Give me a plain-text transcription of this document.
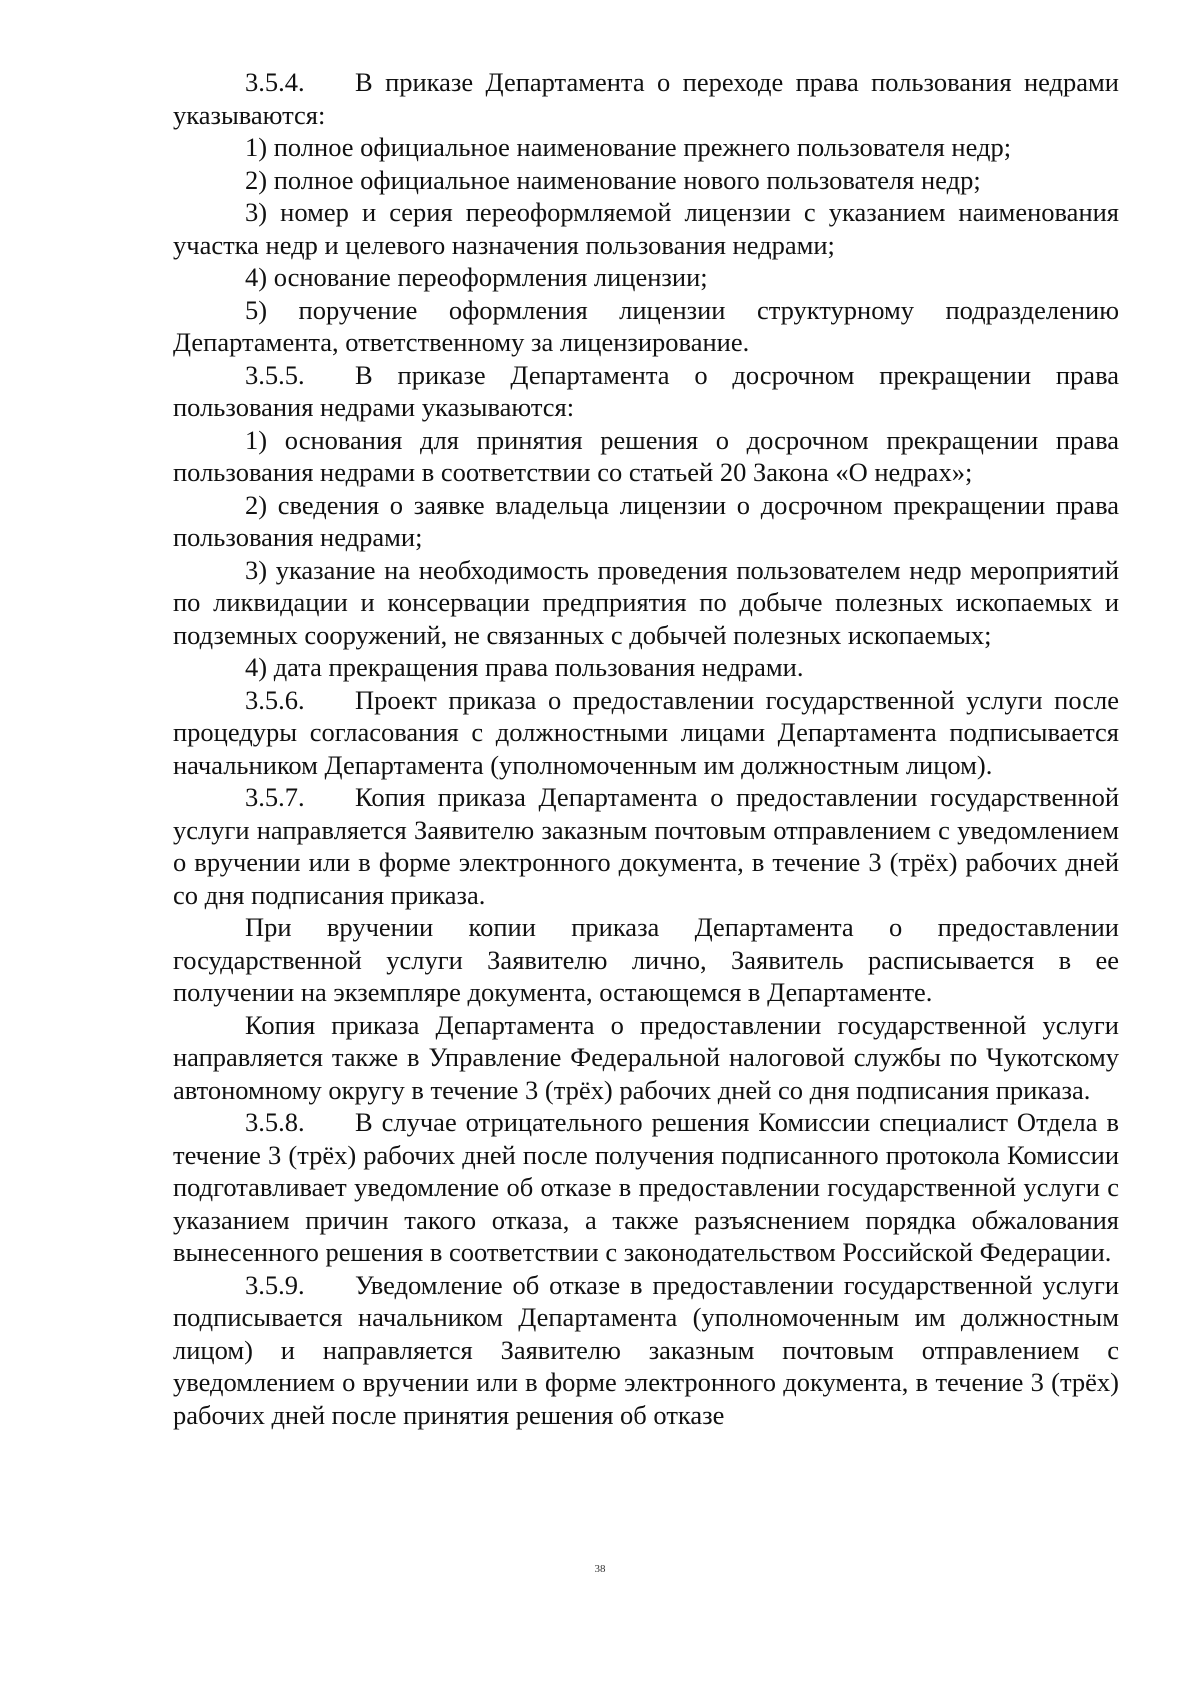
3.5.4. В приказе Департамента о переходе права пользования недрами указываются:

1) полное официальное наименование прежнего пользователя недр;

2) полное официальное наименование нового пользователя недр;

3) номер и серия переоформляемой лицензии с указанием наименования участка недр и целевого назначения пользования недрами;

4) основание переоформления лицензии;

5) поручение оформления лицензии структурному подразделению Департамента, ответственному за лицензирование.

3.5.5. В приказе Департамента о досрочном прекращении права пользования недрами указываются:

1) основания для принятия решения о досрочном прекращении права пользования недрами в соответствии со статьей 20 Закона «О недрах»;

2) сведения о заявке владельца лицензии о досрочном прекращении права пользования недрами;

3) указание на необходимость проведения пользователем недр мероприятий по ликвидации и консервации предприятия по добыче полезных ископаемых и подземных сооружений, не связанных с добычей полезных ископаемых;

4) дата прекращения права пользования недрами.

3.5.6. Проект приказа о предоставлении государственной услуги после процедуры согласования с должностными лицами Департамента подписывается начальником Департамента (уполномоченным им должностным лицом).

3.5.7. Копия приказа Департамента о предоставлении государственной услуги направляется Заявителю заказным почтовым отправлением с уведомлением о вручении или в форме электронного документа, в течение 3 (трёх) рабочих дней со дня подписания приказа.

При вручении копии приказа Департамента о предоставлении государственной услуги Заявителю лично, Заявитель расписывается в ее получении на экземпляре документа, остающемся в Департаменте.

Копия приказа Департамента о предоставлении государственной услуги направляется также в Управление Федеральной налоговой службы по Чукотскому автономному округу в течение 3 (трёх) рабочих дней со дня подписания приказа.

3.5.8. В случае отрицательного решения Комиссии специалист Отдела в течение 3 (трёх) рабочих дней после получения подписанного протокола Комиссии подготавливает уведомление об отказе в предоставлении государственной услуги с указанием причин такого отказа, а также разъяснением порядка обжалования вынесенного решения в соответствии с законодательством Российской Федерации.

3.5.9. Уведомление об отказе в предоставлении государственной услуги подписывается начальником Департамента (уполномоченным им должностным лицом) и направляется Заявителю заказным почтовым отправлением с уведомлением о вручении или в форме электронного документа, в течение 3 (трёх) рабочих дней после принятия решения об отказе

38
